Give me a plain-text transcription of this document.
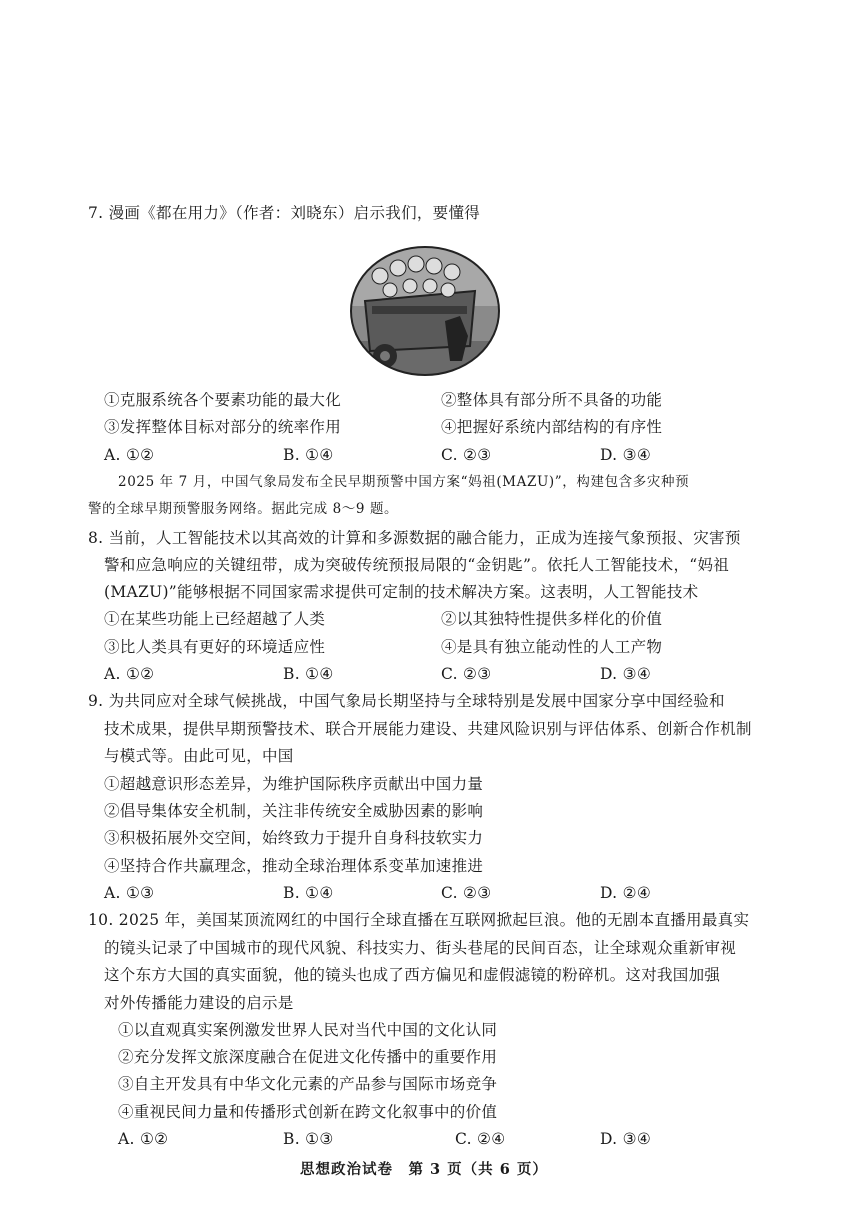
7. 漫画《都在用力》（作者：刘晓东）启示我们，要懂得
①克服系统各个要素功能的最大化	②整体具有部分所不具备的功能
③发挥整体目标对部分的统率作用	④把握好系统内部结构的有序性
A. ①②	B. ①④	C. ②③	D. ③④
2025 年 7 月，中国气象局发布全民早期预警中国方案“妈祖(MAZU)”，构建包含多灾种预
警的全球早期预警服务网络。据此完成 8～9 题。
8. 当前，人工智能技术以其高效的计算和多源数据的融合能力，正成为连接气象预报、灾害预
警和应急响应的关键纽带，成为突破传统预报局限的“金钥匙”。依托人工智能技术，“妈祖
(MAZU)”能够根据不同国家需求提供可定制的技术解决方案。这表明，人工智能技术
①在某些功能上已经超越了人类	②以其独特性提供多样化的价值
③比人类具有更好的环境适应性	④是具有独立能动性的人工产物
A. ①②	B. ①④	C. ②③	D. ③④
9. 为共同应对全球气候挑战，中国气象局长期坚持与全球特别是发展中国家分享中国经验和
技术成果，提供早期预警技术、联合开展能力建设、共建风险识别与评估体系、创新合作机制
与模式等。由此可见，中国
①超越意识形态差异，为维护国际秩序贡献出中国力量
②倡导集体安全机制，关注非传统安全威胁因素的影响
③积极拓展外交空间，始终致力于提升自身科技软实力
④坚持合作共赢理念，推动全球治理体系变革加速推进
A. ①③	B. ①④	C. ②③	D. ②④
10. 2025 年，美国某顶流网红的中国行全球直播在互联网掀起巨浪。他的无剧本直播用最真实
的镜头记录了中国城市的现代风貌、科技实力、街头巷尾的民间百态，让全球观众重新审视
这个东方大国的真实面貌，他的镜头也成了西方偏见和虚假滤镜的粉碎机。这对我国加强
对外传播能力建设的启示是
①以直观真实案例激发世界人民对当代中国的文化认同
②充分发挥文旅深度融合在促进文化传播中的重要作用
③自主开发具有中华文化元素的产品参与国际市场竞争
④重视民间力量和传播形式创新在跨文化叙事中的价值
A. ①②	B. ①③	C. ②④	D. ③④
思想政治试卷　第 3 页（共 6 页）
